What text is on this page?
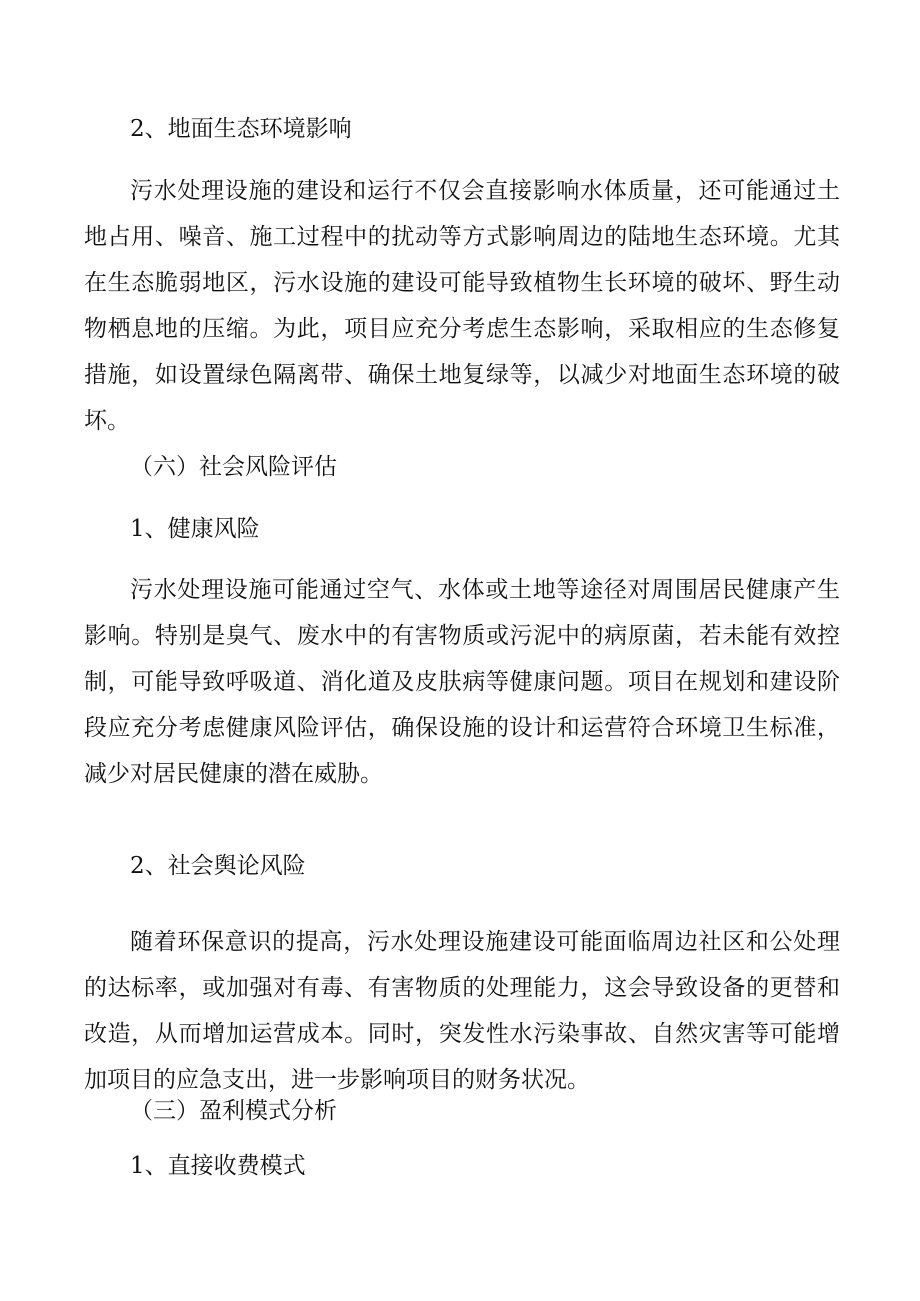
2、地面生态环境影响
污水处理设施的建设和运行不仅会直接影响水体质量，还可能通过土地占用、噪音、施工过程中的扰动等方式影响周边的陆地生态环境。尤其在生态脆弱地区，污水设施的建设可能导致植物生长环境的破坏、野生动物栖息地的压缩。为此，项目应充分考虑生态影响，采取相应的生态修复措施，如设置绿色隔离带、确保土地复绿等，以减少对地面生态环境的破坏。
（六）社会风险评估
1、健康风险
污水处理设施可能通过空气、水体或土地等途径对周围居民健康产生影响。特别是臭气、废水中的有害物质或污泥中的病原菌，若未能有效控制，可能导致呼吸道、消化道及皮肤病等健康问题。项目在规划和建设阶段应充分考虑健康风险评估，确保设施的设计和运营符合环境卫生标准，减少对居民健康的潜在威胁。
2、社会舆论风险
随着环保意识的提高，污水处理设施建设可能面临周边社区和公处理的达标率，或加强对有毒、有害物质的处理能力，这会导致设备的更替和改造，从而增加运营成本。同时，突发性水污染事故、自然灾害等可能增加项目的应急支出，进一步影响项目的财务状况。
（三）盈利模式分析
1、直接收费模式
